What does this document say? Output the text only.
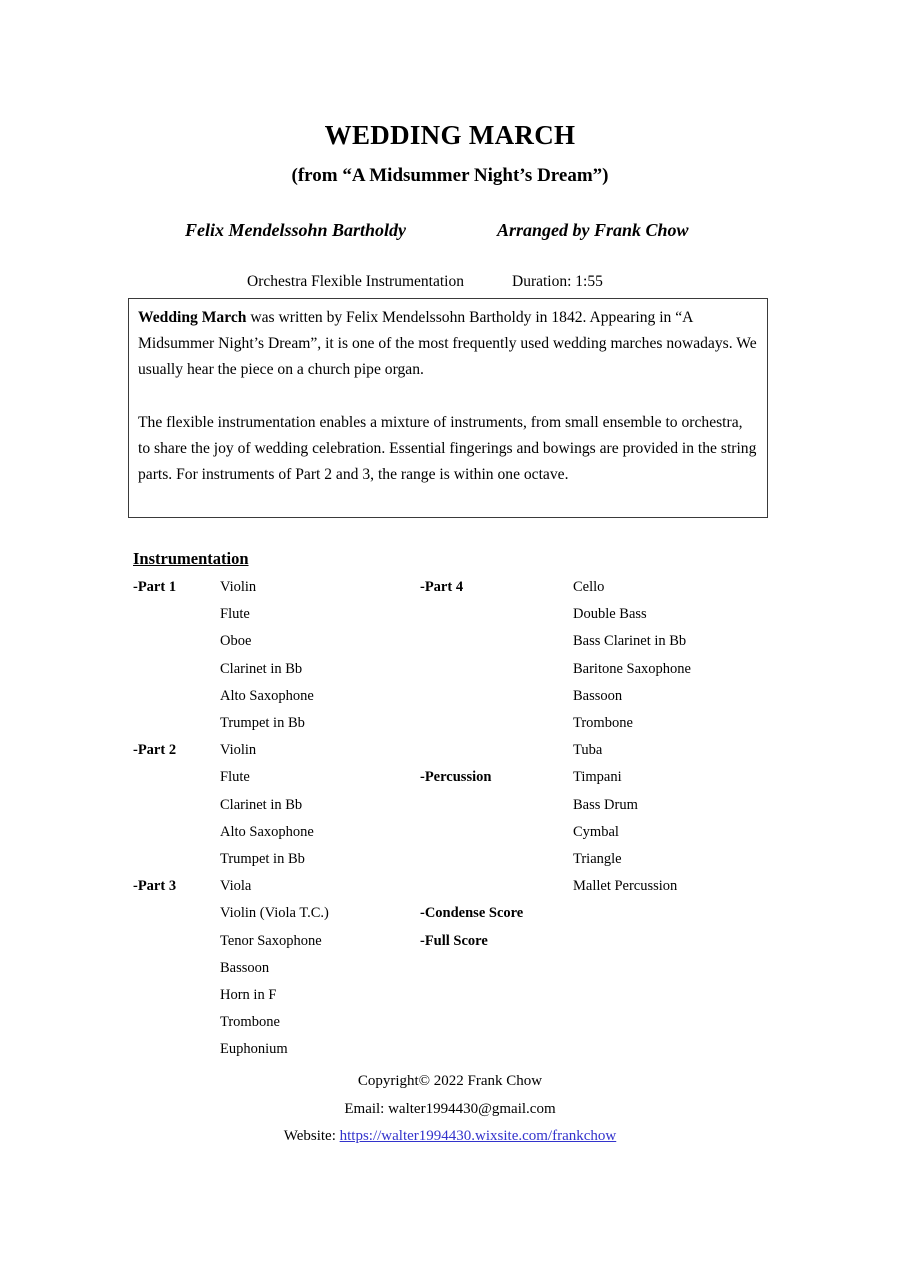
WEDDING MARCH
(from “A Midsummer Night’s Dream”)
Felix Mendelssohn Bartholdy	Arranged by Frank Chow
Orchestra Flexible Instrumentation	Duration: 1:55

Wedding March was written by Felix Mendelssohn Bartholdy in 1842. Appearing in “A Midsummer Night’s Dream”, it is one of the most frequently used wedding marches nowadays. We usually hear the piece on a church pipe organ.

The flexible instrumentation enables a mixture of instruments, from small ensemble to orchestra, to share the joy of wedding celebration. Essential fingerings and bowings are provided in the string parts. For instruments of Part 2 and 3, the range is within one octave.

Instrumentation
-Part 1
-Part 2
-Part 3
Violin
Flute
Oboe
Clarinet in Bb
Alto Saxophone
Trumpet in Bb
Violin
Flute
Clarinet in Bb
Alto Saxophone
Trumpet in Bb
Viola
Violin (Viola T.C.)
Tenor Saxophone
Bassoon
Horn in F
Trombone
Euphonium
-Part 4
-Percussion
-Condense Score
-Full Score
Cello
Double Bass
Bass Clarinet in Bb
Baritone Saxophone
Bassoon
Trombone
Tuba
Timpani
Bass Drum
Cymbal
Triangle
Mallet Percussion
Copyright© 2022 Frank Chow
Email: walter1994430@gmail.com
Website: https://walter1994430.wixsite.com/frankchow
